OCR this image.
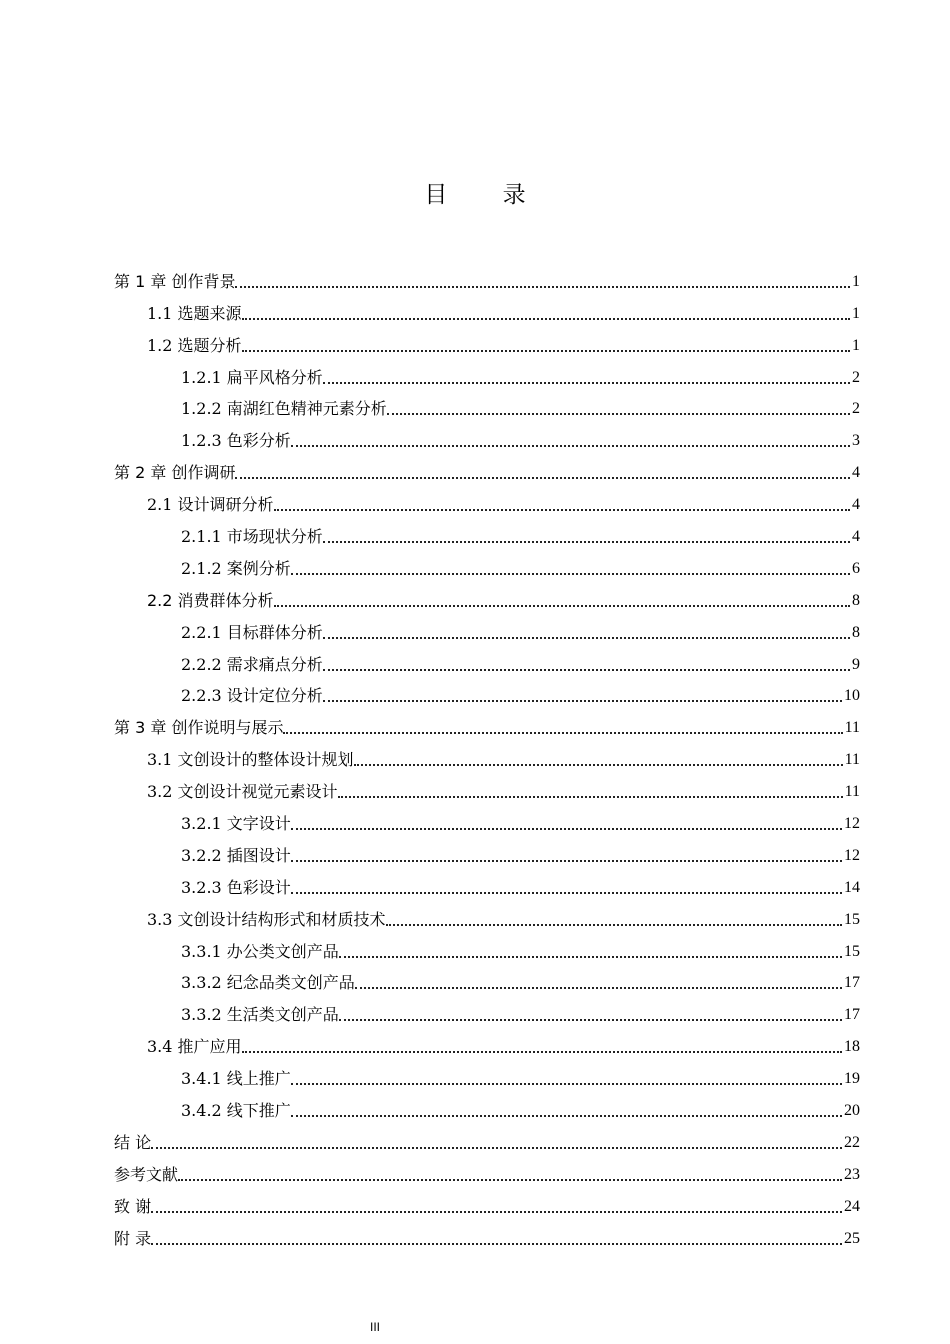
目 录
第 1 章 创作背景	1
1.1 选题来源	1
1.2 选题分析	1
1.2.1 扁平风格分析	2
1.2.2 南湖红色精神元素分析	2
1.2.3 色彩分析	3
第 2 章 创作调研	4
2.1 设计调研分析	4
2.1.1 市场现状分析	4
2.1.2 案例分析	6
2.2 消费群体分析	8
2.2.1 目标群体分析	8
2.2.2 需求痛点分析	9
2.2.3 设计定位分析	10
第 3 章 创作说明与展示	11
3.1 文创设计的整体设计规划	11
3.2 文创设计视觉元素设计	11
3.2.1 文字设计	12
3.2.2 插图设计	12
3.2.3 色彩设计	14
3.3 文创设计结构形式和材质技术	15
3.3.1 办公类文创产品	15
3.3.2 纪念品类文创产品	17
3.3.2 生活类文创产品	17
3.4 推广应用	18
3.4.1 线上推广	19
3.4.2 线下推广	20
结 论	22
参考文献	23
致 谢	24
附 录	25
III
